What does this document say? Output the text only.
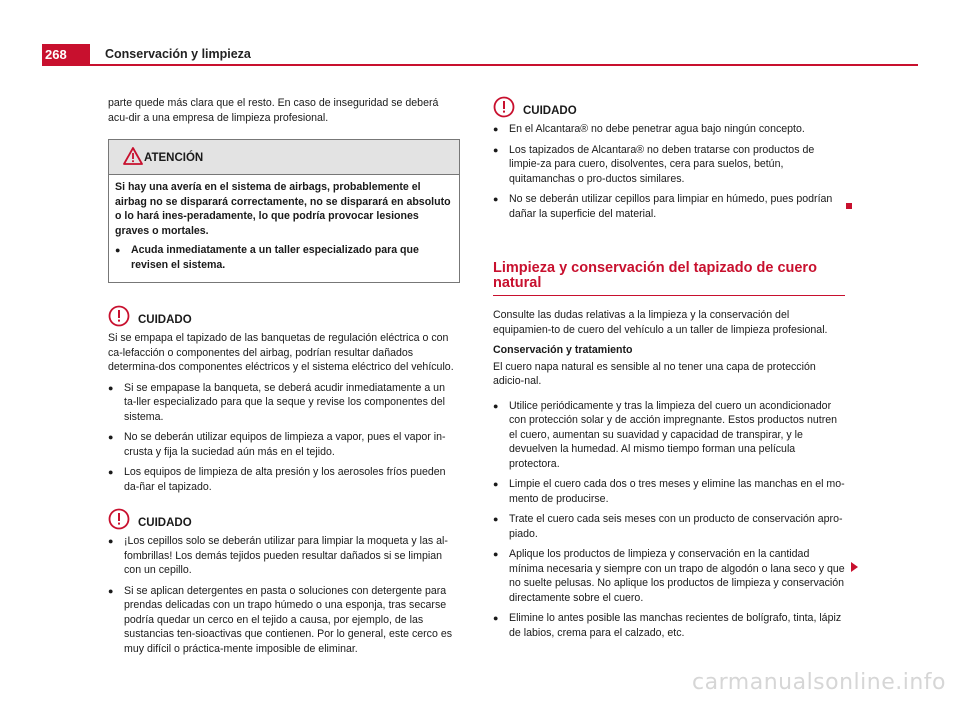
268	Conservación y limpieza

parte quede más clara que el resto. En caso de inseguridad se deberá acu-dir a una empresa de limpieza profesional.

ATENCIÓN

Si hay una avería en el sistema de airbags, probablemente el airbag no se disparará correctamente, no se disparará en absoluto o lo hará ines-peradamente, lo que podría provocar lesiones graves o mortales.

● Acuda inmediatamente a un taller especializado para que revisen el sistema.
CUIDADO

Si se empapa el tapizado de las banquetas de regulación eléctrica o con ca-lefacción o componentes del airbag, podrían resultar dañados determina-dos componentes eléctricos y el sistema eléctrico del vehículo.

● Si se empapase la banqueta, se deberá acudir inmediatamente a un ta-ller especializado para que la seque y revise los componentes del sistema.
● No se deberán utilizar equipos de limpieza a vapor, pues el vapor in-crusta y fija la suciedad aún más en el tejido.
● Los equipos de limpieza de alta presión y los aerosoles fríos pueden da-ñar el tapizado.
CUIDADO
● ¡Los cepillos solo se deberán utilizar para limpiar la moqueta y las al-fombrillas! Los demás tejidos pueden resultar dañados si se limpian con un cepillo.
● Si se aplican detergentes en pasta o soluciones con detergente para prendas delicadas con un trapo húmedo o una esponja, tras secarse podría quedar un cerco en el tejido a causa, por ejemplo, de las sustancias ten-sioactivas que contienen. Por lo general, este cerco es muy difícil o práctica-mente imposible de eliminar.
CUIDADO
● En el Alcantara® no debe penetrar agua bajo ningún concepto.
● Los tapizados de Alcantara® no deben tratarse con productos de limpie-za para cuero, disolventes, cera para suelos, betún, quitamanchas o pro-ductos similares.
● No se deberán utilizar cepillos para limpiar en húmedo, pues podrían dañar la superficie del material.
Limpieza y conservación del tapizado de cuero natural

Consulte las dudas relativas a la limpieza y la conservación del equipamien-to de cuero del vehículo a un taller de limpieza profesional.

Conservación y tratamiento

El cuero napa natural es sensible al no tener una capa de protección adicio-nal.

● Utilice periódicamente y tras la limpieza del cuero un acondicionador con protección solar y de acción impregnante. Estos productos nutren el cuero, aumentan su suavidad y capacidad de transpirar, y le devuelven la humedad. Al mismo tiempo forman una película protectora.
● Limpie el cuero cada dos o tres meses y elimine las manchas en el mo-mento de producirse.
● Trate el cuero cada seis meses con un producto de conservación apro-piado.
● Aplique los productos de limpieza y conservación en la cantidad mínima necesaria y siempre con un trapo de algodón o lana seco y que no suelte pelusas. No aplique los productos de limpieza y conservación directamente sobre el cuero.
● Elimine lo antes posible las manchas recientes de bolígrafo, tinta, lápiz de labios, crema para el calzado, etc.
carmanualsonline.info
